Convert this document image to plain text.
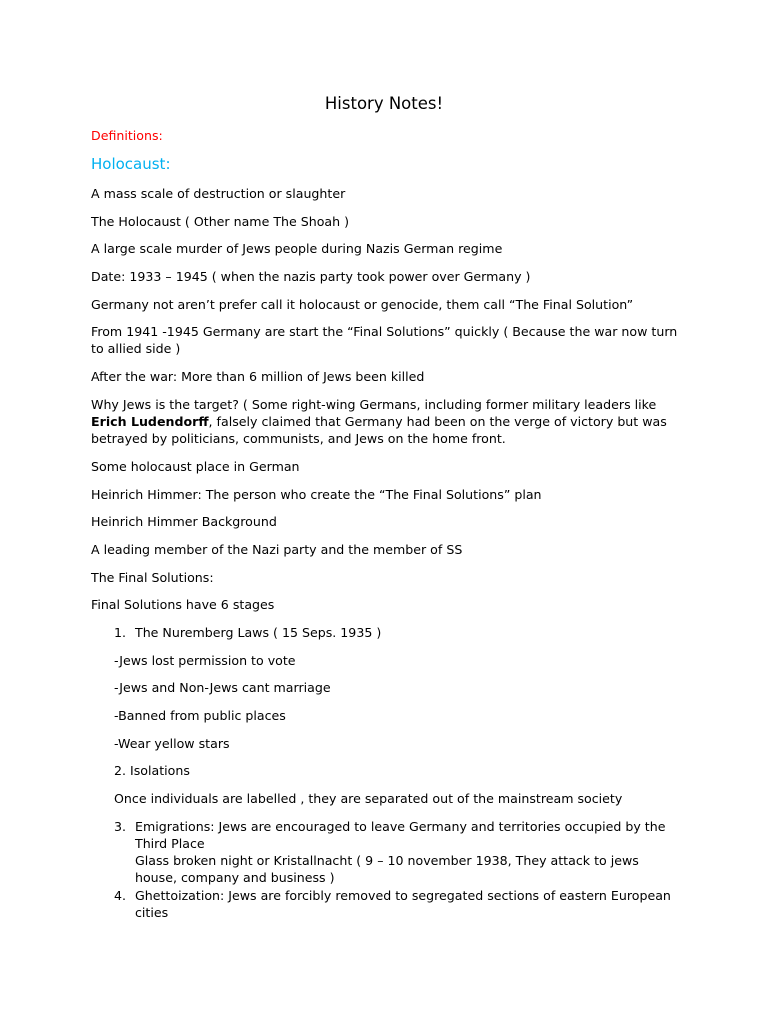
History Notes!

Definitions:

Holocaust:

A mass scale of destruction or slaughter

The Holocaust ( Other name The Shoah )

A large scale murder of Jews people during Nazis German regime

Date: 1933 – 1945 ( when the nazis party took power over Germany )

Germany not aren’t prefer call it holocaust or genocide, them call “The Final Solution”

From 1941 -1945 Germany are start the “Final Solutions” quickly ( Because the war now turn to allied side )

After the war: More than 6 million of Jews been killed

Why Jews is the target? ( Some right-wing Germans, including former military leaders like Erich Ludendorff, falsely claimed that Germany had been on the verge of victory but was betrayed by politicians, communists, and Jews on the home front.

Some holocaust place in German

Heinrich Himmer: The person who create the “The Final Solutions” plan

Heinrich Himmer Background

A leading member of the Nazi party and the member of SS

The Final Solutions:

Final Solutions have 6 stages

1. The Nuremberg Laws ( 15 Seps. 1935 )

-Jews lost permission to vote

-Jews and Non-Jews cant marriage

-Banned from public places

-Wear yellow stars

2. Isolations

Once individuals are labelled , they are separated out of the mainstream society

3. Emigrations: Jews are encouraged to leave Germany and territories occupied by the Third Place
Glass broken night or Kristallnacht ( 9 – 10 november 1938, They attack to jews house, company and business )
4. Ghettoization: Jews are forcibly removed to segregated sections of eastern European cities
